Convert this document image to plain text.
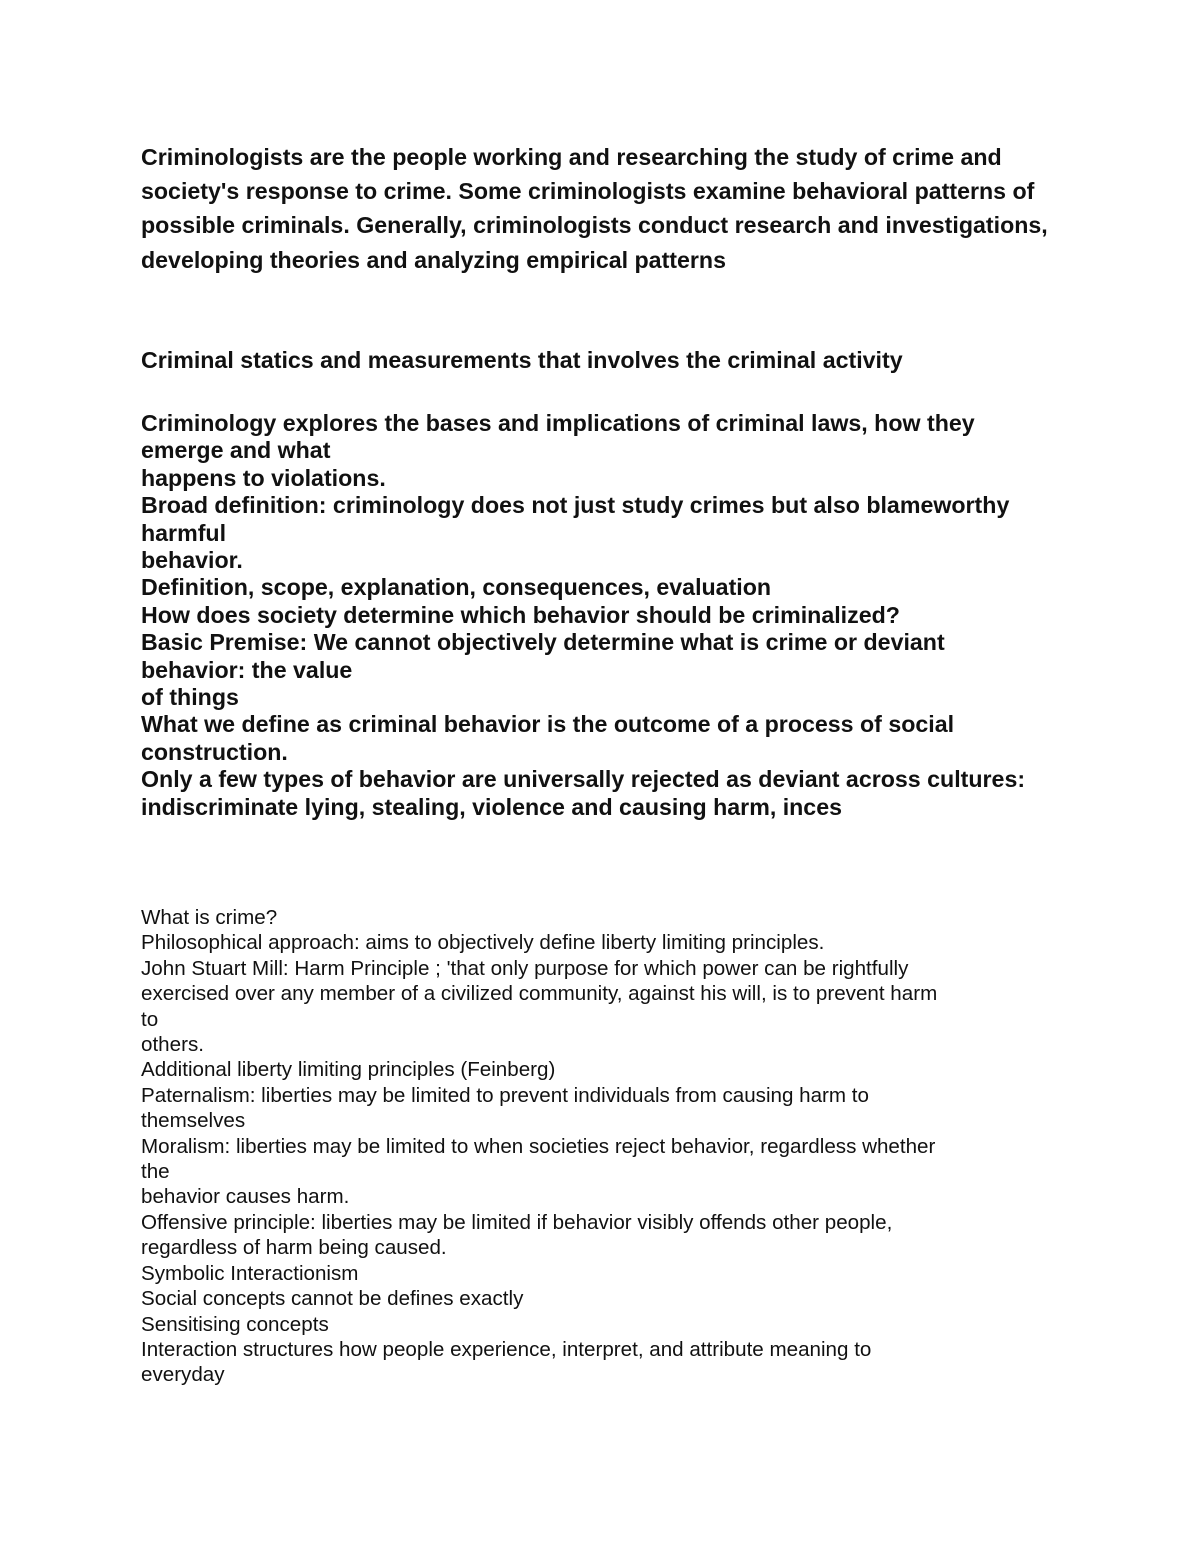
Criminologists are the people working and researching the study of crime and society's response to crime. Some criminologists examine behavioral patterns of possible criminals. Generally, criminologists conduct research and investigations, developing theories and analyzing empirical patterns

Criminal statics and measurements that involves the criminal activity

Criminology explores the bases and implications of criminal laws, how they
emerge and what
happens to violations.
Broad definition: criminology does not just study crimes but also blameworthy
harmful
behavior.
Definition, scope, explanation, consequences, evaluation
How does society determine which behavior should be criminalized?
Basic Premise: We cannot objectively determine what is crime or deviant
behavior: the value
of things
What we define as criminal behavior is the outcome of a process of social
construction.
Only a few types of behavior are universally rejected as deviant across cultures:
indiscriminate lying, stealing, violence and causing harm, inces
What is crime?
Philosophical approach: aims to objectively define liberty limiting principles.
John Stuart Mill: Harm Principle ; 'that only purpose for which power can be rightfully
exercised over any member of a civilized community, against his will, is to prevent harm
to
others.
Additional liberty limiting principles (Feinberg)
Paternalism: liberties may be limited to prevent individuals from causing harm to
themselves
Moralism: liberties may be limited to when societies reject behavior, regardless whether
the
behavior causes harm.
Offensive principle: liberties may be limited if behavior visibly offends other people,
regardless of harm being caused.
Symbolic Interactionism
Social concepts cannot be defines exactly
Sensitising concepts
Interaction structures how people experience, interpret, and attribute meaning to
everyday
